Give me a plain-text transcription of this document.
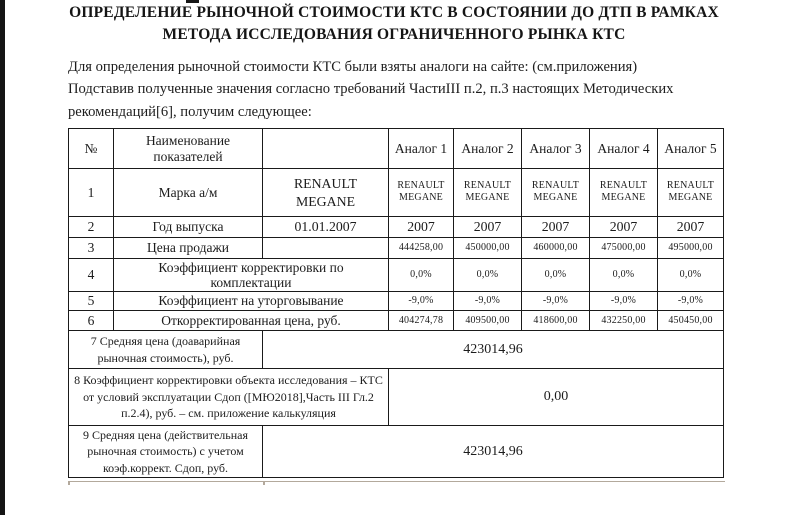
ОПРЕДЕЛЕНИЕ РЫНОЧНОЙ СТОИМОСТИ КТС В СОСТОЯНИИ ДО ДТП В РАМКАХ
МЕТОДА ИССЛЕДОВАНИЯ ОГРАНИЧЕННОГО РЫНКА КТС
Для определения рыночной стоимости КТС были взяты аналоги на сайте: (см.приложения)
Подставив полученные значения согласно требований ЧастиIII п.2, п.3 настоящих Методических
рекомендаций[6], получим следующее:
№	Наименование показателей		Аналог 1	Аналог 2	Аналог 3	Аналог 4	Аналог 5
1	Марка а/м	RENAULT MEGANE	RENAULT MEGANE	RENAULT MEGANE	RENAULT MEGANE	RENAULT MEGANE	RENAULT MEGANE
2	Год выпуска	01.01.2007	2007	2007	2007	2007	2007
3	Цена продажи		444258,00	450000,00	460000,00	475000,00	495000,00
4	Коэффициент корректировки по комплектации		0,0%	0,0%	0,0%	0,0%	0,0%
5	Коэффициент на уторговывание		-9,0%	-9,0%	-9,0%	-9,0%	-9,0%
6	Откорректированная цена, руб.		404274,78	409500,00	418600,00	432250,00	450450,00
7 Средняя цена (доаварийная рыночная стоимость), руб.		423014,96					
8 Коэффициент корректировки объекта исследования – КТС от условий эксплуатации Сдоп ([МЮ2018],Часть III Гл.2 п.2.4), руб. – см. приложение калькуляция			0,00				
9 Средняя цена (действительная рыночная стоимость) с учетом коэф.коррект. Сдоп, руб.		423014,96					
